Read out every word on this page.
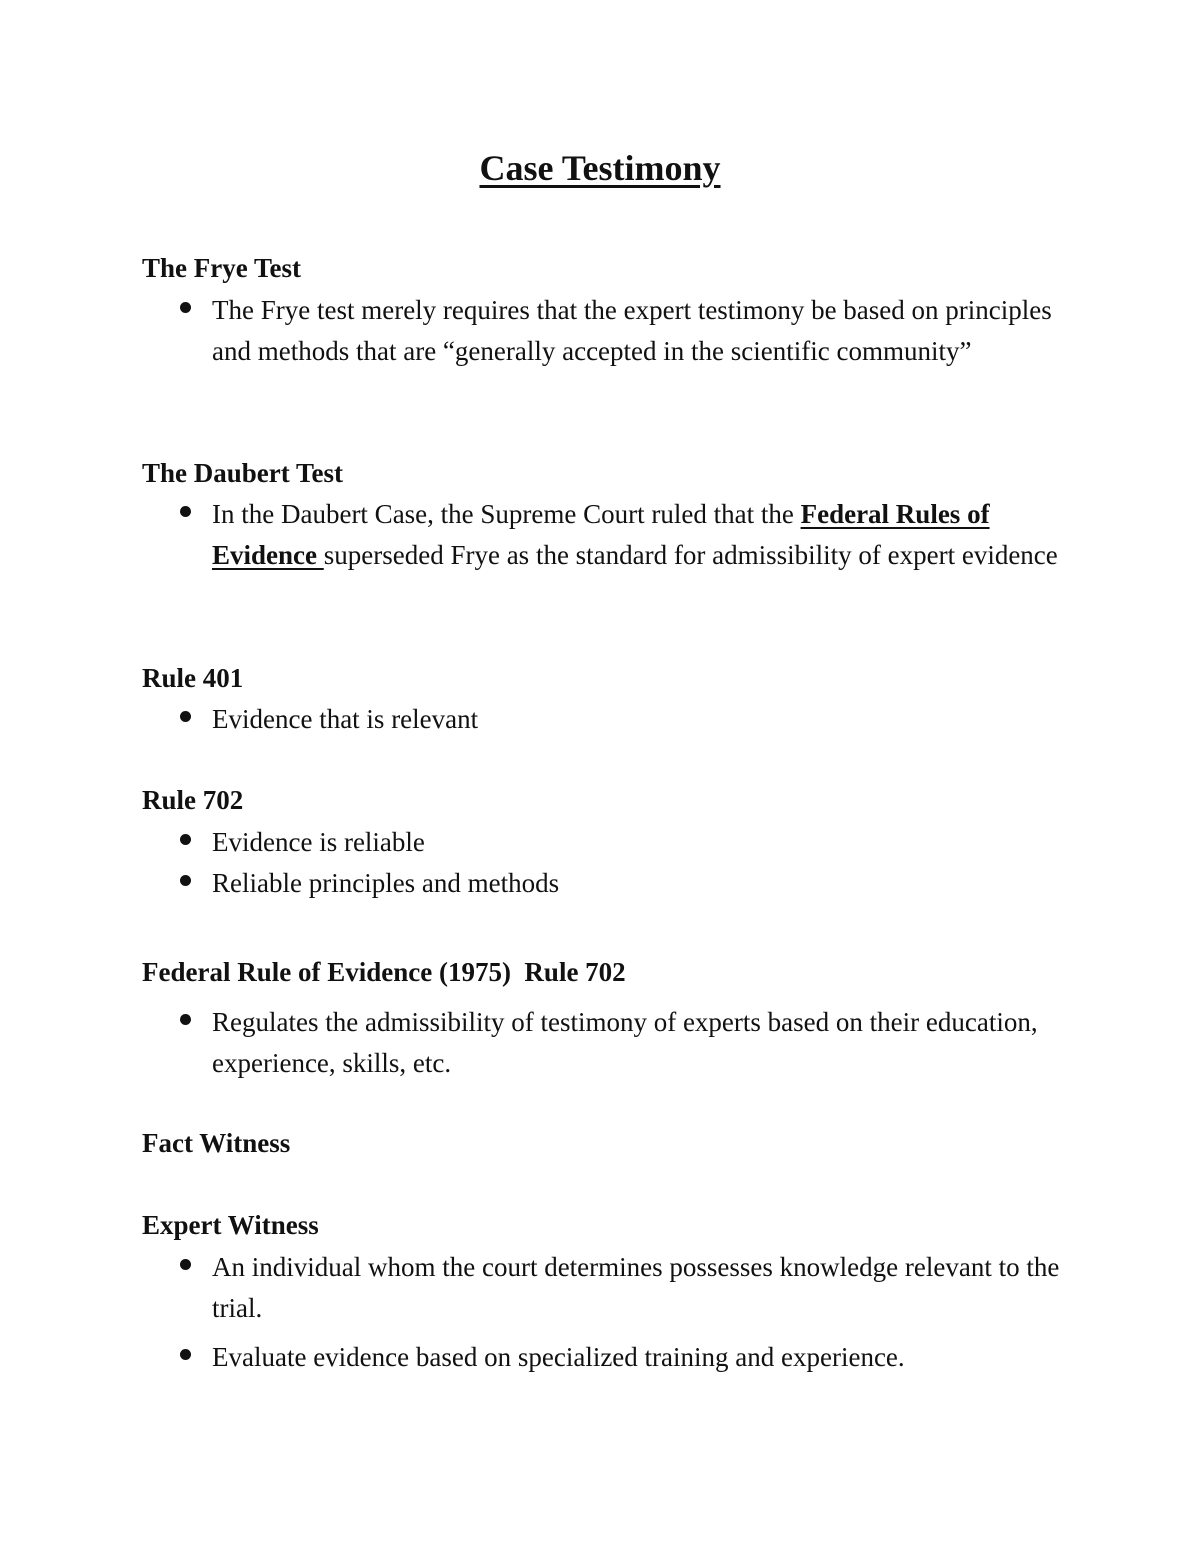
Case Testimony
The Frye Test
The Frye test merely requires that the expert testimony be based on principles and methods that are “generally accepted in the scientific community”
The Daubert Test
In the Daubert Case, the Supreme Court ruled that the Federal Rules of Evidence superseded Frye as the standard for admissibility of expert evidence
Rule 401
Evidence that is relevant
Rule 702
Evidence is reliable
Reliable principles and methods
Federal Rule of Evidence (1975)  Rule 702
Regulates the admissibility of testimony of experts based on their education, experience, skills, etc.
Fact Witness
Expert Witness
An individual whom the court determines possesses knowledge relevant to the trial.
Evaluate evidence based on specialized training and experience.
